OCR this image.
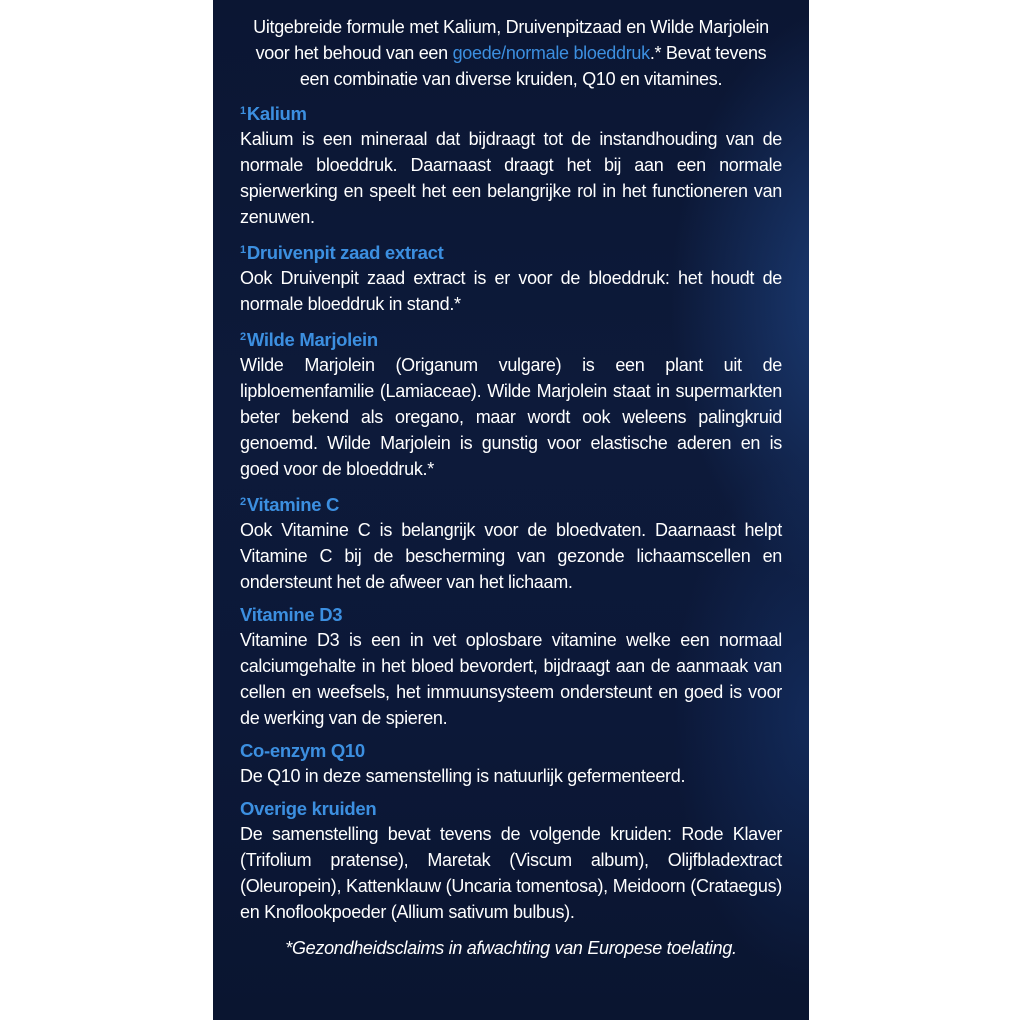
Uitgebreide formule met Kalium, Druivenpitzaad en Wilde Marjolein voor het behoud van een goede/normale bloeddruk.* Bevat tevens een combinatie van diverse kruiden, Q10 en vitamines.

$^1$Kalium

Kalium is een mineraal dat bijdraagt tot de instandhouding van de normale bloeddruk. Daarnaast draagt het bij aan een normale spierwerking en speelt het een belangrijke rol in het functioneren van zenuwen.

$^1$Druivenpit zaad extract

Ook Druivenpit zaad extract is er voor de bloeddruk: het houdt de normale bloeddruk in stand.*

$^2$Wilde Marjolein

Wilde Marjolein (Origanum vulgare) is een plant uit de lipbloemenfamilie (Lamiaceae). Wilde Marjolein staat in supermarkten beter bekend als oregano, maar wordt ook weleens palingkruid genoemd. Wilde Marjolein is gunstig voor elastische aderen en is goed voor de bloeddruk.*

$^2$Vitamine C

Ook Vitamine C is belangrijk voor de bloedvaten. Daarnaast helpt Vitamine C bij de bescherming van gezonde lichaamscellen en ondersteunt het de afweer van het lichaam.

Vitamine D3

Vitamine D3 is een in vet oplosbare vitamine welke een normaal calciumgehalte in het bloed bevordert, bijdraagt aan de aanmaak van cellen en weefsels, het immuunsysteem ondersteunt en goed is voor de werking van de spieren.

Co-enzym Q10

De Q10 in deze samenstelling is natuurlijk gefermenteerd.

Overige kruiden

De samenstelling bevat tevens de volgende kruiden: Rode Klaver (Trifolium pratense), Maretak (Viscum album), Olijfbladextract (Oleuropein), Kattenklauw (Uncaria tomentosa), Meidoorn (Crataegus) en Knoflookpoeder (Allium sativum bulbus).

*Gezondheidsclaims in afwachting van Europese toelating.
